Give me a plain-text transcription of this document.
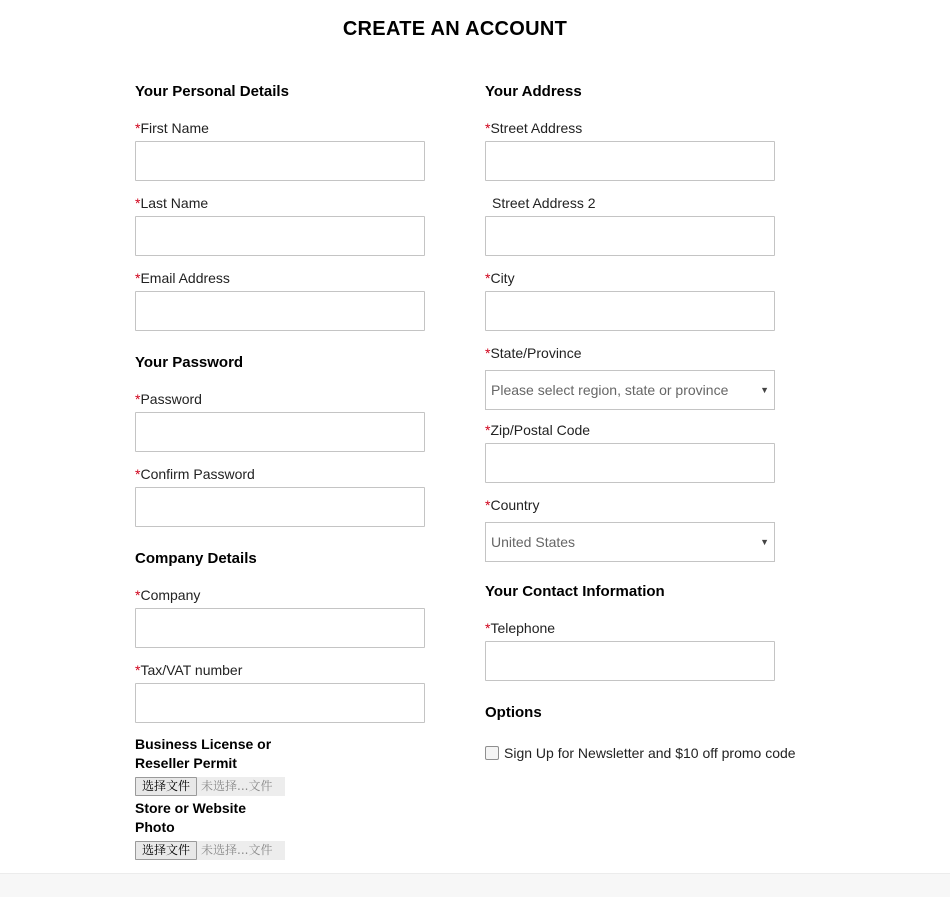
CREATE AN ACCOUNT
Your Personal Details
*First Name
*Last Name
*Email Address
Your Password
*Password
*Confirm Password
Company Details
*Company
*Tax/VAT number
Business License or
Reseller Permit
选择文件 未选择...文件
Store or Website
Photo
选择文件 未选择...文件
Your Address
*Street Address
Street Address 2
*City
*State/Province
Please select region, state or province	▼
*Zip/Postal Code
*Country
United States	▼
Your Contact Information
*Telephone
Options
Sign Up for Newsletter and $10 off promo code
